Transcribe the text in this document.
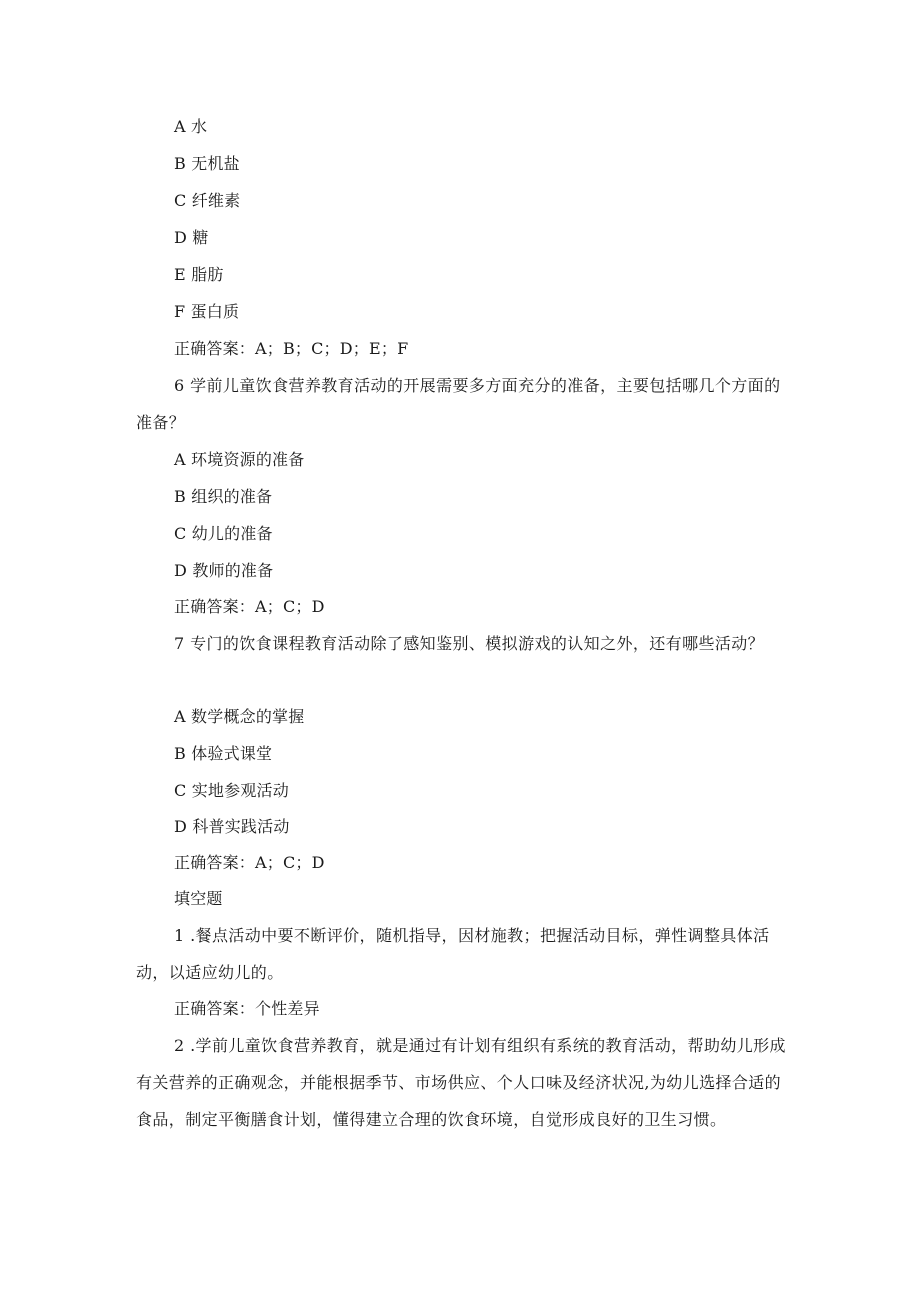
A 水
B 无机盐
C 纤维素
D 糖
E 脂肪
F 蛋白质
正确答案：A；B；C；D；E；F
6 学前儿童饮食营养教育活动的开展需要多方面充分的准备，主要包括哪几个方面的准备？
A 环境资源的准备
B 组织的准备
C 幼儿的准备
D 教师的准备
正确答案：A；C；D
7 专门的饮食课程教育活动除了感知鉴别、模拟游戏的认知之外，还有哪些活动？
A 数学概念的掌握
B 体验式课堂
C 实地参观活动
D 科普实践活动
正确答案：A；C；D
填空题
1 .餐点活动中要不断评价，随机指导，因材施教；把握活动目标，弹性调整具体活动，以适应幼儿的。
正确答案：个性差异
2 .学前儿童饮食营养教育，就是通过有计划有组织有系统的教育活动，帮助幼儿形成有关营养的正确观念，并能根据季节、市场供应、个人口味及经济状况,为幼儿选择合适的食品，制定平衡膳食计划，懂得建立合理的饮食环境，自觉形成良好的卫生习惯。
